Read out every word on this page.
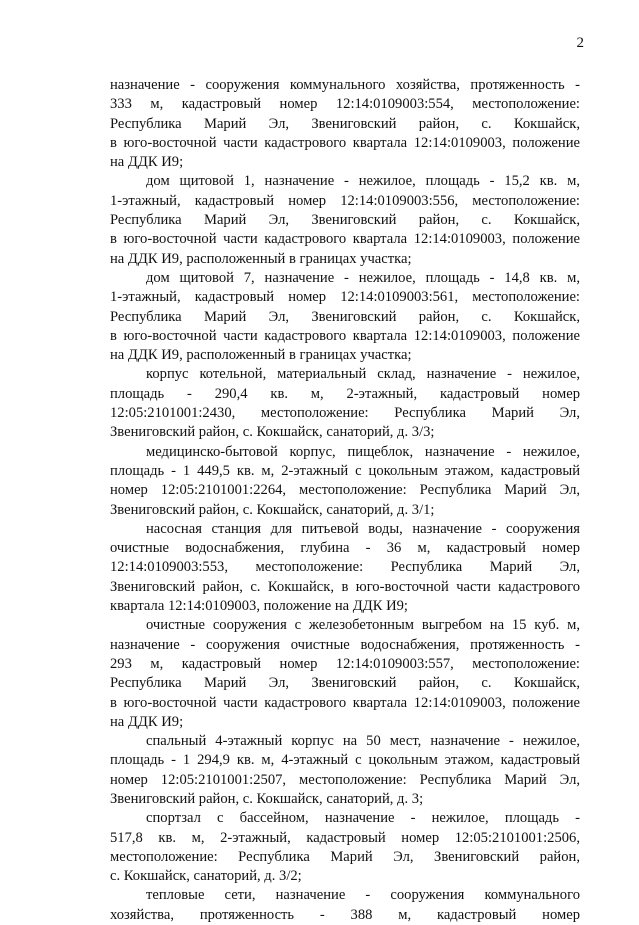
2
назначение - сооружения коммунального хозяйства, протяженность -
333 м, кадастровый номер 12:14:0109003:554, местоположение:
Республика Марий Эл, Звениговский район, с. Кокшайск,
в юго-восточной части кадастрового квартала 12:14:0109003, положение
на ДДК И9;
дом щитовой 1, назначение - нежилое, площадь - 15,2 кв. м,
1-этажный, кадастровый номер 12:14:0109003:556, местоположение:
Республика Марий Эл, Звениговский район, с. Кокшайск,
в юго-восточной части кадастрового квартала 12:14:0109003, положение
на ДДК И9, расположенный в границах участка;
дом щитовой 7, назначение - нежилое, площадь - 14,8 кв. м,
1-этажный, кадастровый номер 12:14:0109003:561, местоположение:
Республика Марий Эл, Звениговский район, с. Кокшайск,
в юго-восточной части кадастрового квартала 12:14:0109003, положение
на ДДК И9, расположенный в границах участка;
корпус котельной, материальный склад, назначение - нежилое,
площадь - 290,4 кв. м, 2-этажный, кадастровый номер
12:05:2101001:2430, местоположение: Республика Марий Эл,
Звениговский район, с. Кокшайск, санаторий, д. 3/3;
медицинско-бытовой корпус, пищеблок, назначение - нежилое,
площадь - 1 449,5 кв. м, 2-этажный с цокольным этажом, кадастровый
номер 12:05:2101001:2264, местоположение: Республика Марий Эл,
Звениговский район, с. Кокшайск, санаторий, д. 3/1;
насосная станция для питьевой воды, назначение - сооружения
очистные водоснабжения, глубина - 36 м, кадастровый номер
12:14:0109003:553, местоположение: Республика Марий Эл,
Звениговский район, с. Кокшайск, в юго-восточной части кадастрового
квартала 12:14:0109003, положение на ДДК И9;
очистные сооружения с железобетонным выгребом на 15 куб. м,
назначение - сооружения очистные водоснабжения, протяженность -
293 м, кадастровый номер 12:14:0109003:557, местоположение:
Республика Марий Эл, Звениговский район, с. Кокшайск,
в юго-восточной части кадастрового квартала 12:14:0109003, положение
на ДДК И9;
спальный 4-этажный корпус на 50 мест, назначение - нежилое,
площадь - 1 294,9 кв. м, 4-этажный с цокольным этажом, кадастровый
номер 12:05:2101001:2507, местоположение: Республика Марий Эл,
Звениговский район, с. Кокшайск, санаторий, д. 3;
спортзал с бассейном, назначение - нежилое, площадь -
517,8 кв. м, 2-этажный, кадастровый номер 12:05:2101001:2506,
местоположение: Республика Марий Эл, Звениговский район,
с. Кокшайск, санаторий, д. 3/2;
тепловые сети, назначение - сооружения коммунального
хозяйства, протяженность - 388 м, кадастровый номер
